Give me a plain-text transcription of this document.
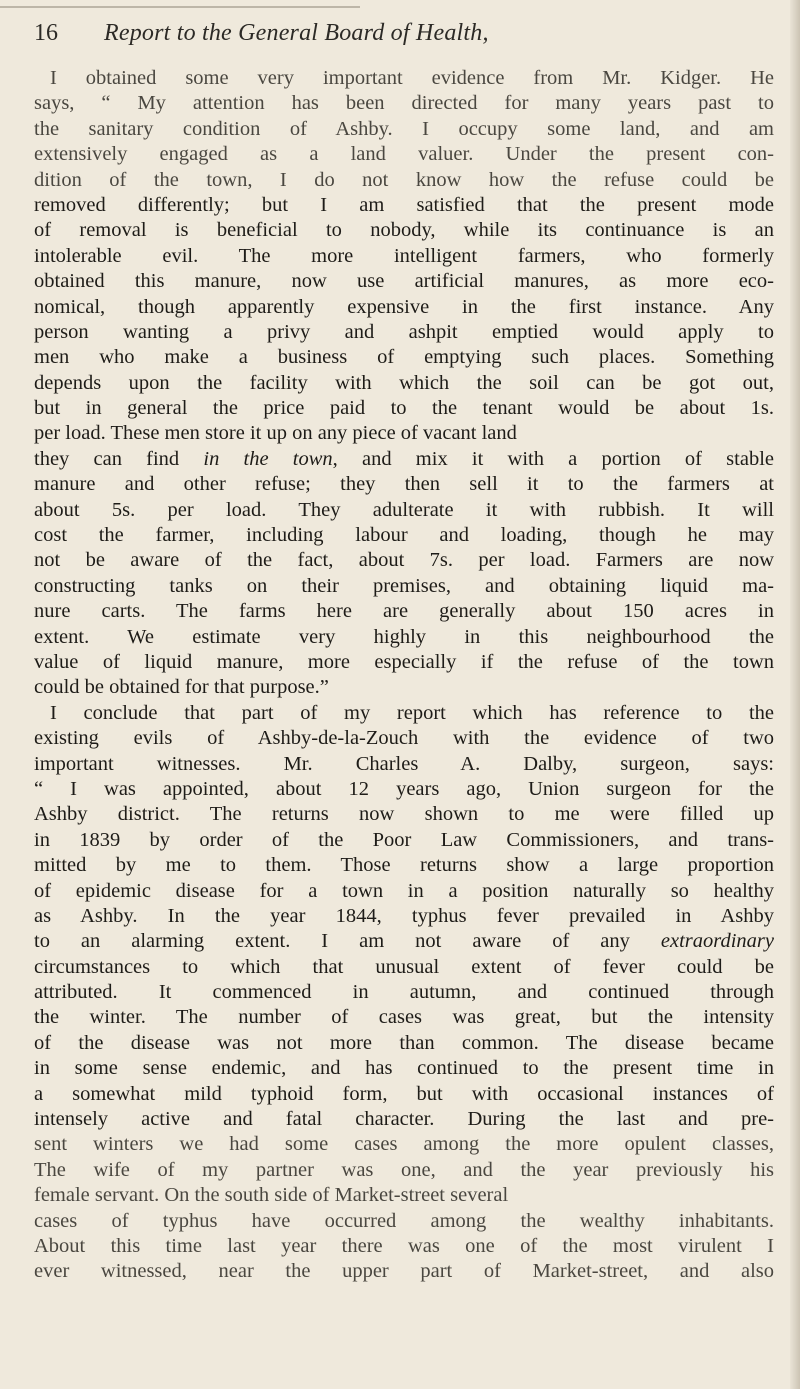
16 Report to the General Board of Health,
I obtained some very important evidence from Mr. Kidger. He
says, “ My attention has been directed for many years past to
the sanitary condition of Ashby. I occupy some land, and am
extensively engaged as a land valuer. Under the present con-
dition of the town, I do not know how the refuse could be
removed differently; but I am satisfied that the present mode
of removal is beneficial to nobody, while its continuance is an
intolerable evil. The more intelligent farmers, who formerly
obtained this manure, now use artificial manures, as more eco-
nomical, though apparently expensive in the first instance. Any
person wanting a privy and ashpit emptied would apply to
men who make a business of emptying such places. Something
depends upon the facility with which the soil can be got out,
but in general the price paid to the tenant would be about 1s.
per load. These men store it up on any piece of vacant land
they can find in the town, and mix it with a portion of stable
manure and other refuse; they then sell it to the farmers at
about 5s. per load. They adulterate it with rubbish. It will
cost the farmer, including labour and loading, though he may
not be aware of the fact, about 7s. per load. Farmers are now
constructing tanks on their premises, and obtaining liquid ma-
nure carts. The farms here are generally about 150 acres in
extent. We estimate very highly in this neighbourhood the
value of liquid manure, more especially if the refuse of the town
could be obtained for that purpose.”
I conclude that part of my report which has reference to the
existing evils of Ashby-de-la-Zouch with the evidence of two
important witnesses. Mr. Charles A. Dalby, surgeon, says:
“ I was appointed, about 12 years ago, Union surgeon for the
Ashby district. The returns now shown to me were filled up
in 1839 by order of the Poor Law Commissioners, and trans-
mitted by me to them. Those returns show a large proportion
of epidemic disease for a town in a position naturally so healthy
as Ashby. In the year 1844, typhus fever prevailed in Ashby
to an alarming extent. I am not aware of any extraordinary
circumstances to which that unusual extent of fever could be
attributed. It commenced in autumn, and continued through
the winter. The number of cases was great, but the intensity
of the disease was not more than common. The disease became
in some sense endemic, and has continued to the present time in
a somewhat mild typhoid form, but with occasional instances of
intensely active and fatal character. During the last and pre-
sent winters we had some cases among the more opulent classes,
The wife of my partner was one, and the year previously his
female servant. On the south side of Market-street several
cases of typhus have occurred among the wealthy inhabitants.
About this time last year there was one of the most virulent I
ever witnessed, near the upper part of Market-street, and also
